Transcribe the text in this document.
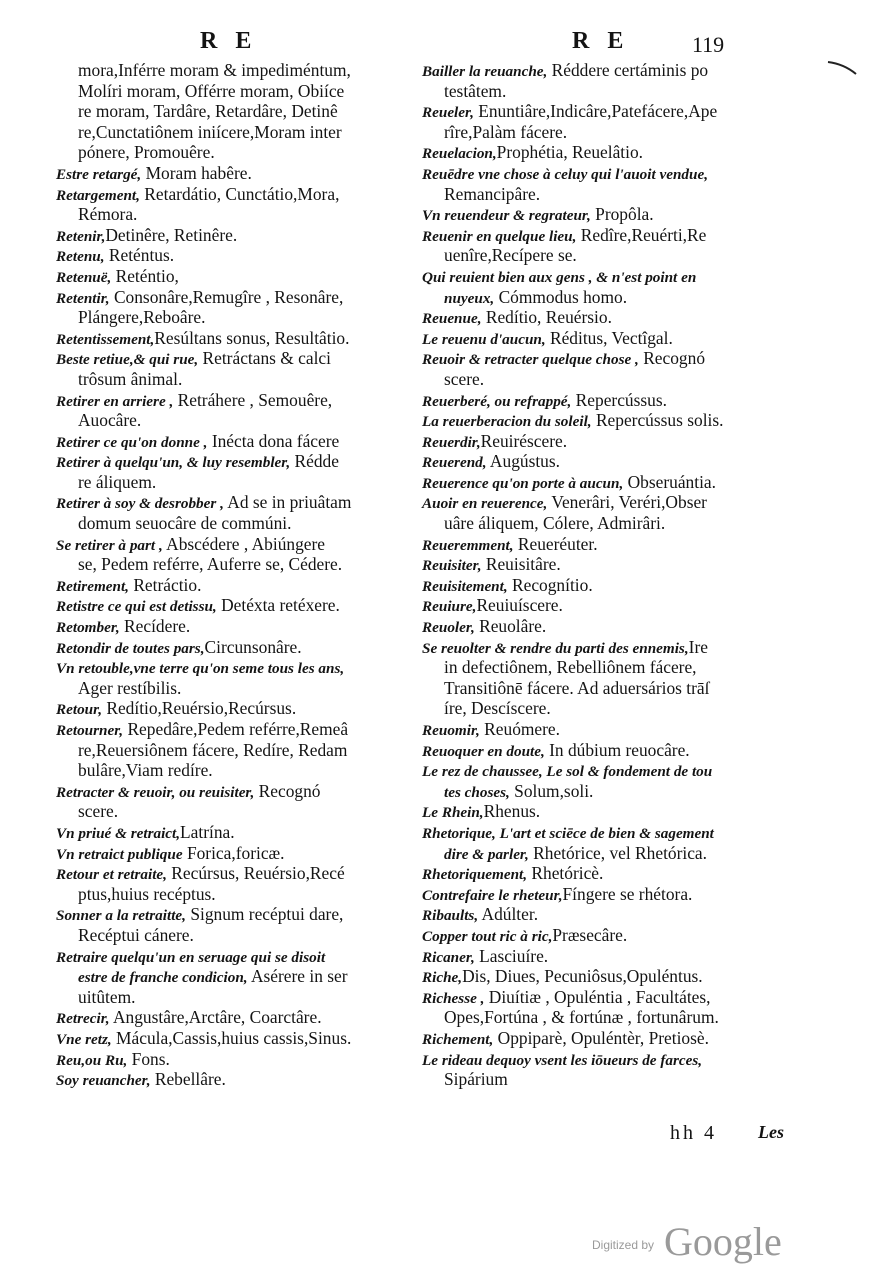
R E	R E	119
mora,Inférre moram & impediméntum,
Molíri moram, Offérre moram, Obiíce
re moram, Tardâre, Retardâre, Detinê
re,Cunctatiônem iniícere,Moram inter
pónere, Promouêre.
Estre retargé, Moram habêre.
Retargement, Retardátio, Cunctátio,Mora,
Rémora.
Retenir,Detinêre, Retinêre.
Retenu, Reténtus.
Retenuë, Reténtio,
Retentir, Consonâre,Remugîre , Resonâre,
Plángere,Reboâre.
Retentissement,Resúltans sonus, Resultâtio.
Beste retiue,& qui rue, Retráctans & calci
trôsum ânimal.
Retirer en arriere , Retráhere , Semouêre,
Auocâre.
Retirer ce qu'on donne , Inécta dona fácere
Retirer à quelqu'un, & luy resembler, Rédde
re áliquem.
Retirer à soy & desrobber , Ad se in priuâtam
domum seuocâre de commúni.
Se retirer à part , Abscédere , Abiúngere
se, Pedem reférre, Auferre se, Cédere.
Retirement, Retráctio.
Retistre ce qui est detissu, Detéxta retéxere.
Retomber, Recídere.
Retondir de toutes pars,Circunsonâre.
Vn retouble,vne terre qu'on seme tous les ans,
Ager restíbilis.
Retour, Redítio,Reuérsio,Recúrsus.
Retourner, Repedâre,Pedem reférre,Remeâ
re,Reuersiônem fácere, Redíre, Redam
bulâre,Viam redíre.
Retracter & reuoir, ou reuisiter, Recognó
scere.
Vn priué & retraict,Latrína.
Vn retraict publique Forica,foricæ.
Retour et retraite, Recúrsus, Reuérsio,Recé
ptus,huius recéptus.
Sonner a la retraitte, Signum recéptui dare,
Recéptui cánere.
Retraire quelqu'un en seruage qui se disoit
estre de franche condicion, Asérere in ser
uitûtem.
Retrecir, Angustâre,Arctâre, Coarctâre.
Vne retz, Mácula,Cassis,huius cassis,Sinus.
Reu,ou Ru, Fons.
Soy reuancher, Rebellâre.
Bailler la reuanche, Réddere certáminis po
testâtem.
Reueler, Enuntiâre,Indicâre,Patefácere,Ape
rîre,Palàm fácere.
Reuelacion,Prophétia, Reuelâtio.
Reuēdre vne chose à celuy qui l'auoit vendue,
Remancipâre.
Vn reuendeur & regrateur, Propôla.
Reuenir en quelque lieu, Redîre,Reuérti,Re
uenîre,Recípere se.
Qui reuient bien aux gens , & n'est point en
nuyeux, Cómmodus homo.
Reuenue, Redítio, Reuérsio.
Le reuenu d'aucun, Réditus, Vectîgal.
Reuoir & retracter quelque chose , Recognó
scere.
Reuerberé, ou refrappé, Repercússus.
La reuerberacion du soleil, Repercússus solis.
Reuerdir,Reuiréscere.
Reuerend, Augústus.
Reuerence qu'on porte à aucun, Obseruántia.
Auoir en reuerence, Venerâri, Veréri,Obser
uâre áliquem, Cólere, Admirâri.
Reueremment, Reueréuter.
Reuisiter, Reuisitâre.
Reuisitement, Recognítio.
Reuiure,Reuiuíscere.
Reuoler, Reuolâre.
Se reuolter & rendre du parti des ennemis,Ire
in defectiônem, Rebelliônem fácere,
Transitiônē fácere. Ad aduersários trāſ
íre, Descíscere.
Reuomir, Reuómere.
Reuoquer en doute, In dúbium reuocâre.
Le rez de chaussee, Le sol & fondement de tou
tes choses, Solum,soli.
Le Rhein,Rhenus.
Rhetorique, L'art et sciēce de bien & sagement
dire & parler, Rhetórice, vel Rhetórica.
Rhetoriquement, Rhetóricè.
Contrefaire le rheteur,Fíngere se rhétora.
Ribaults, Adúlter.
Copper tout ric à ric,Præsecâre.
Ricaner, Lasciuíre.
Riche,Dis, Diues, Pecuniôsus,Opuléntus.
Richesse , Diuítiæ , Opuléntia , Facultátes,
Opes,Fortúna , & fortúnæ , fortunârum.
Richement, Oppiparè, Opuléntèr, Pretiosè.
Le rideau dequoy vsent les iōueurs de farces,
Sipárium
hh 4 Les
$^{Digitized by}$ Google
